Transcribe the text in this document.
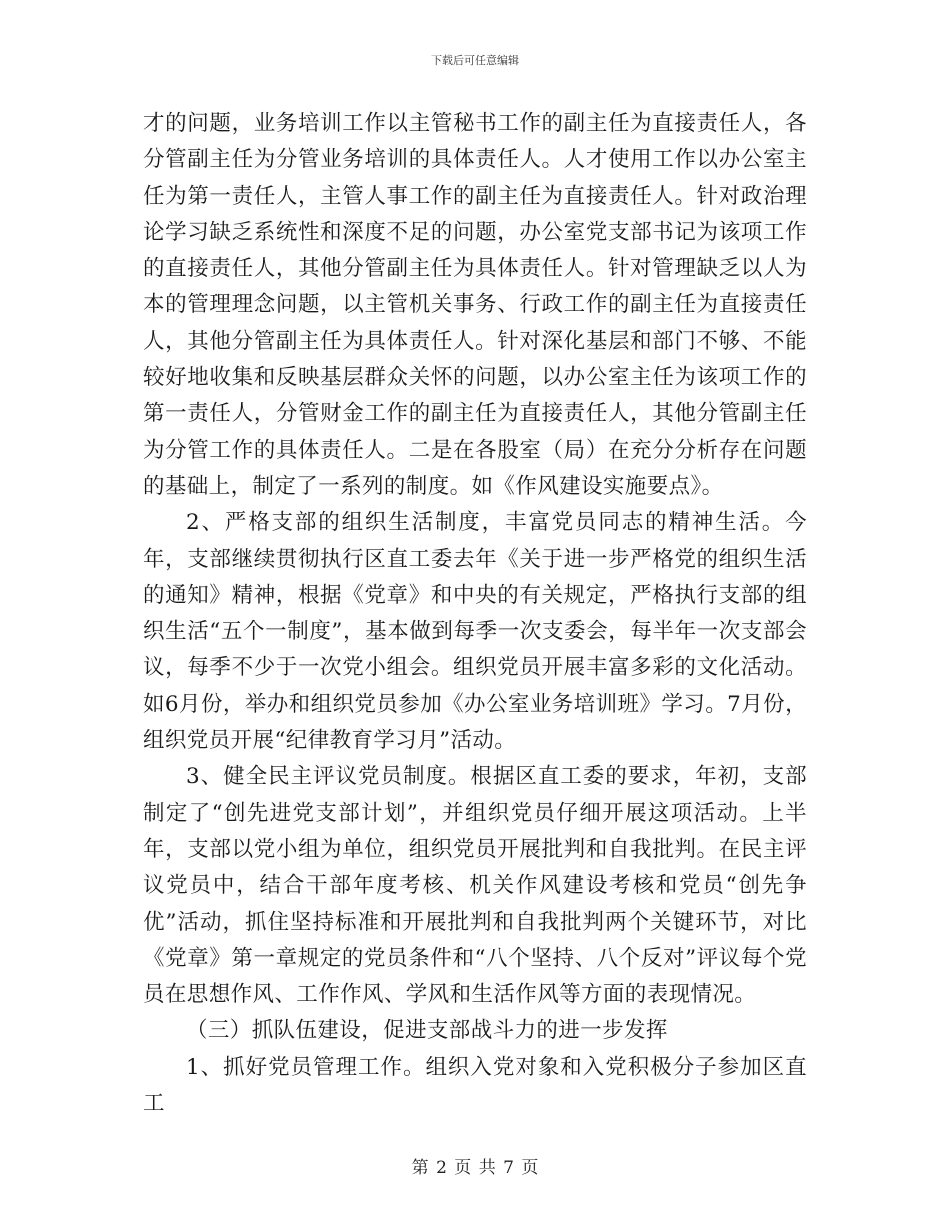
下载后可任意编辑

才的问题，业务培训工作以主管秘书工作的副主任为直接责任人，各分管副主任为分管业务培训的具体责任人。人才使用工作以办公室主任为第一责任人，主管人事工作的副主任为直接责任人。针对政治理论学习缺乏系统性和深度不足的问题，办公室党支部书记为该项工作的直接责任人，其他分管副主任为具体责任人。针对管理缺乏以人为本的管理理念问题，以主管机关事务、行政工作的副主任为直接责任人，其他分管副主任为具体责任人。针对深化基层和部门不够、不能较好地收集和反映基层群众关怀的问题，以办公室主任为该项工作的第一责任人，分管财金工作的副主任为直接责任人，其他分管副主任为分管工作的具体责任人。二是在各股室（局）在充分分析存在问题的基础上，制定了一系列的制度。如《作风建设实施要点》。

2、严格支部的组织生活制度，丰富党员同志的精神生活。今年，支部继续贯彻执行区直工委去年《关于进一步严格党的组织生活的通知》精神，根据《党章》和中央的有关规定，严格执行支部的组织生活“五个一制度”，基本做到每季一次支委会，每半年一次支部会议，每季不少于一次党小组会。组织党员开展丰富多彩的文化活动。如6月份，举办和组织党员参加《办公室业务培训班》学习。7月份，组织党员开展“纪律教育学习月”活动。

3、健全民主评议党员制度。根据区直工委的要求，年初，支部制定了“创先进党支部计划”，并组织党员仔细开展这项活动。上半年，支部以党小组为单位，组织党员开展批判和自我批判。在民主评议党员中，结合干部年度考核、机关作风建设考核和党员“创先争优”活动，抓住坚持标准和开展批判和自我批判两个关键环节，对比《党章》第一章规定的党员条件和“八个坚持、八个反对”评议每个党员在思想作风、工作作风、学风和生活作风等方面的表现情况。

（三）抓队伍建设，促进支部战斗力的进一步发挥

1、抓好党员管理工作。组织入党对象和入党积极分子参加区直工

第 2 页 共 7 页
